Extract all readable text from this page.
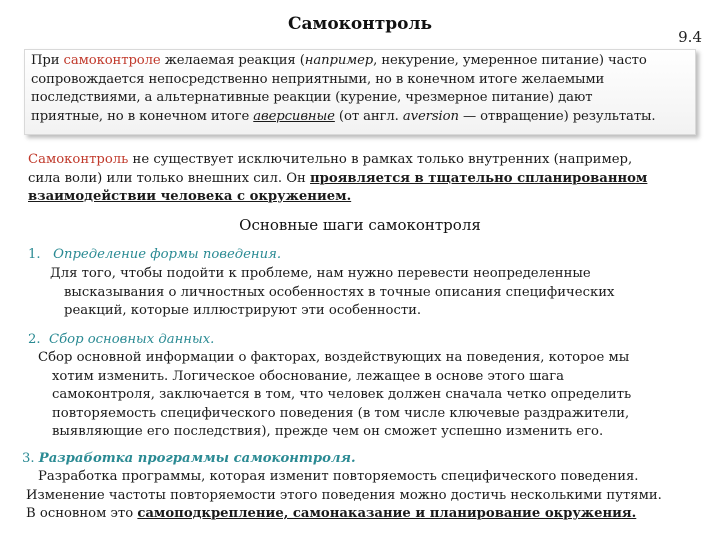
Самоконтроль
9.4
При самоконтроле желаемая реакция (например, некурение, умеренное питание) часто
сопровождается непосредственно неприятными, но в конечном итоге желаемыми
последствиями, а альтернативные реакции (курение, чрезмерное питание) дают
приятные, но в конечном итоге аверсивные (от англ. aversion — отвращение) результаты.
Самоконтроль не существует исключительно в рамках только внутренних (например,
сила воли) или только внешних сил. Он проявляется в тщательно спланированном
взаимодействии человека с окружением.
Основные шаги самоконтроля
1. Определение формы поведения.
Для того, чтобы подойти к проблеме, нам нужно перевести неопределенные
высказывания о личностных особенностях в точные описания специфических
реакций, которые иллюстрируют эти особенности.
2. Сбор основных данных.
Сбор основной информации о факторах, воздействующих на поведения, которое мы
хотим изменить. Логическое обоснование, лежащее в основе этого шага
самоконтроля, заключается в том, что человек должен сначала четко определить
повторяемость специфического поведения (в том числе ключевые раздражители,
выявляющие его последствия), прежде чем он сможет успешно изменить его.
3. Разработка программы самоконтроля.
Разработка программы, которая изменит повторяемость специфического поведения.
Изменение частоты повторяемости этого поведения можно достичь несколькими путями.
В основном это самоподкрепление, самонаказание и планирование окружения.
